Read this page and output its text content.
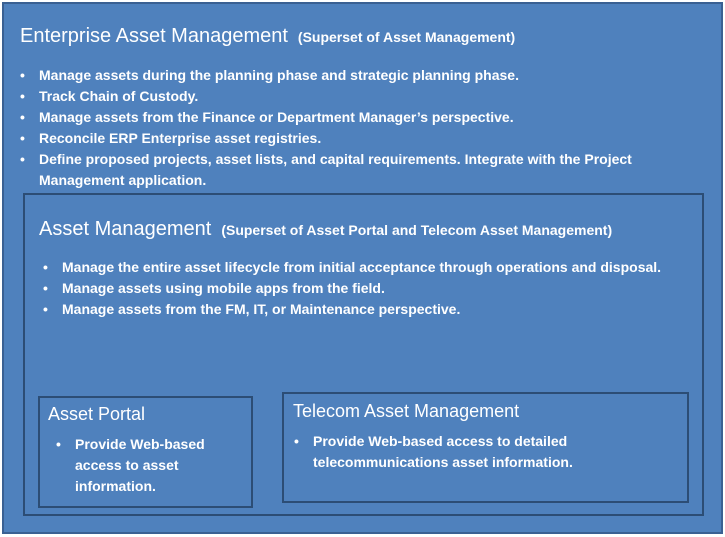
Enterprise Asset Management (Superset of Asset Management)
• Manage assets during the planning phase and strategic planning phase.
• Track Chain of Custody.
• Manage assets from the Finance or Department Manager’s perspective.
• Reconcile ERP Enterprise asset registries.
• Define proposed projects, asset lists, and capital requirements. Integrate with the Project Management application.
Asset Management (Superset of Asset Portal and Telecom Asset Management)
• Manage the entire asset lifecycle from initial acceptance through operations and disposal.
• Manage assets using mobile apps from the field.
• Manage assets from the FM, IT, or Maintenance perspective.
Asset Portal
• Provide Web-based access to asset information.
Telecom Asset Management
• Provide Web-based access to detailed telecommunications asset information.
